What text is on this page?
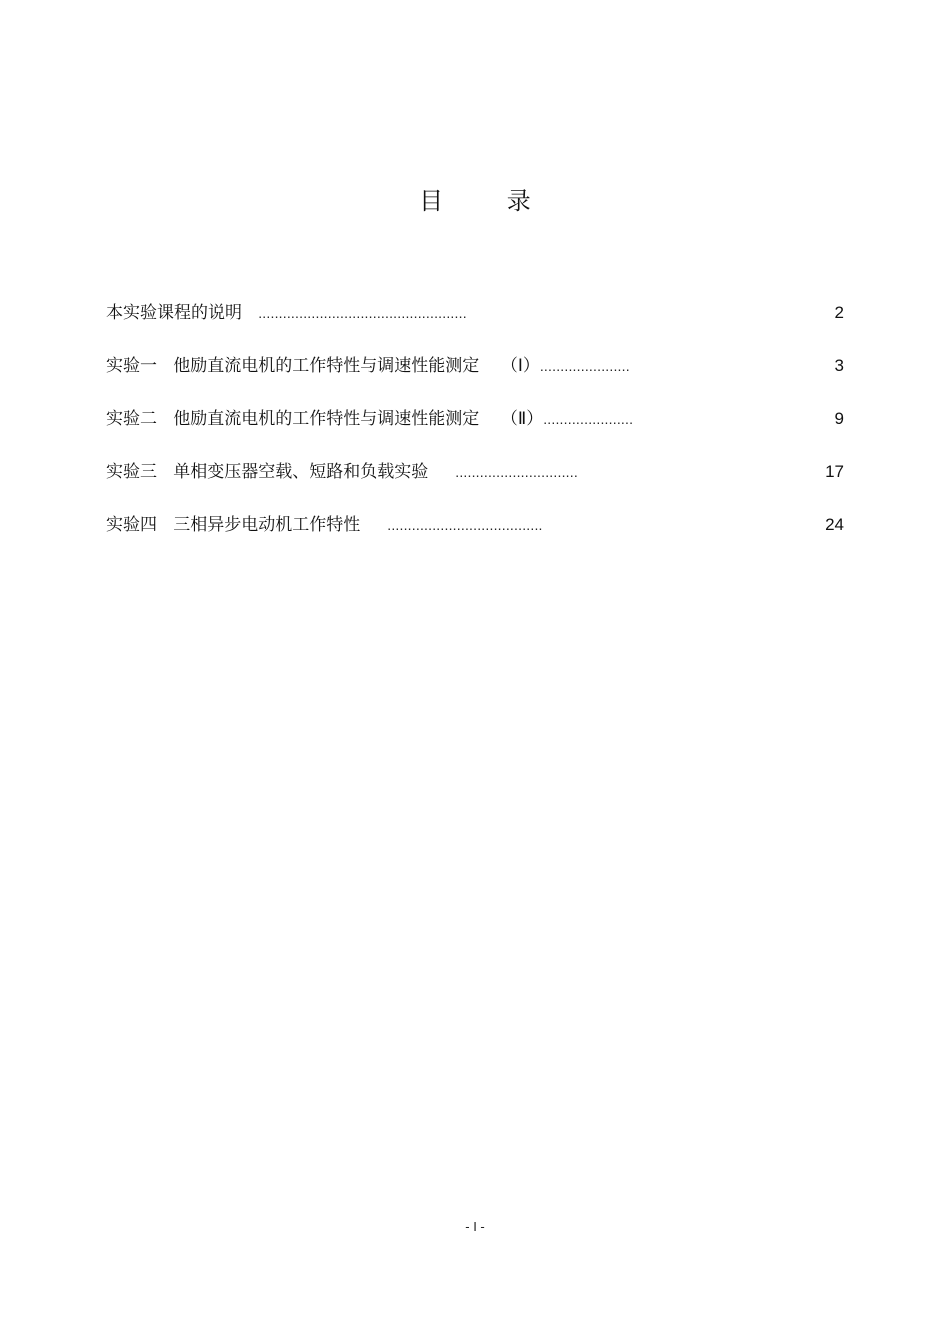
目 录
本实验课程的说明 ...................................................	2
实验一   他励直流电机的工作特性与调速性能测定    （Ⅰ） ......................	3
实验二   他励直流电机的工作特性与调速性能测定    （Ⅱ） ......................	9
实验三   单相变压器空载、短路和负载实验 ..............................	17
实验四   三相异步电动机工作特性 ......................................	24
- I -
